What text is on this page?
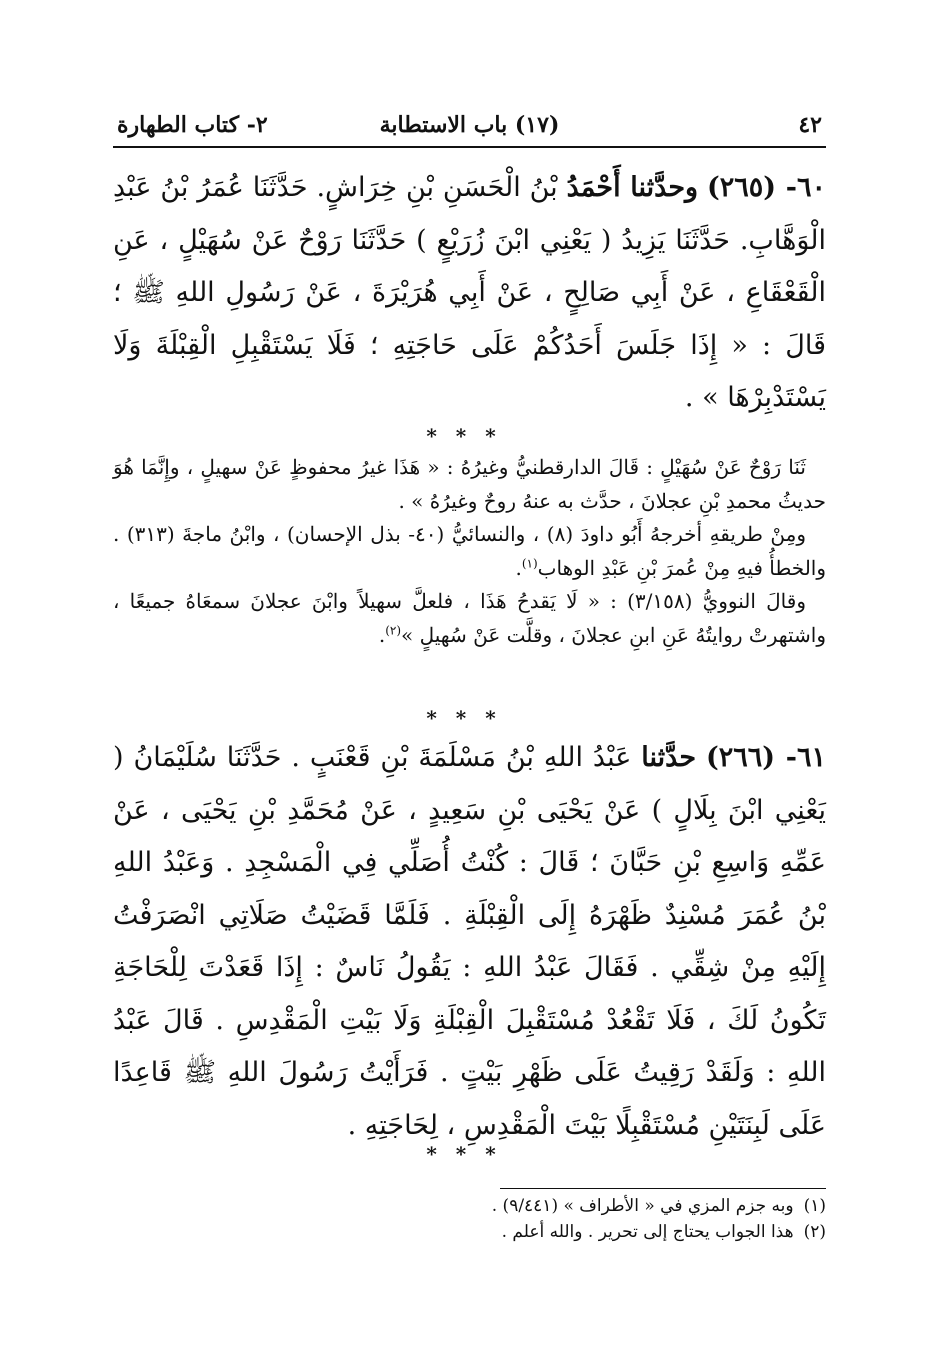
٤٢
(١٧) باب الاستطابة
٢- كتاب الطهارة
٦٠- (٢٦٥) وحدَّثنا أَحْمَدُ بْنُ الْحَسَنِ بْنِ خِرَاشٍ. حَدَّثَنَا عُمَرُ بْنُ عَبْدِ الْوَهَّابِ. حَدَّثَنَا يَزِيدُ ( يَعْنِي ابْنَ زُرَيْعٍ ) حَدَّثَنَا رَوْحٌ عَنْ سُهَيْلٍ ، عَنِ الْقَعْقَاعِ ، عَنْ أَبِي صَالِحٍ ، عَنْ أَبِي هُرَيْرَةَ ، عَنْ رَسُولِ اللهِ ﷺ ؛ قَالَ : « إِذَا جَلَسَ أَحَدُكُمْ عَلَى حَاجَتِهِ ؛ فَلَا يَسْتَقْبِلِ الْقِبْلَةَ وَلَا يَسْتَدْبِرْهَا » .
* * *

ثَنَا رَوْحٌ عَنْ سُهَيْلٍ : قَالَ الدارقطنيُّ وغيرُهُ : « هَذَا غيرُ محفوظٍ عَنْ سهيلٍ ، وإِنَّمَا هُوَ حديثُ محمدِ بْنِ عجلانَ ، حدَّث به عنهُ روحٌ وغيرُهُ » .

ومِنْ طريقهِ أخرجهُ أَبُو داودَ (٨) ، والنسائيُّ (٤٠- بذل الإحسان) ، وابْنُ ماجةَ (٣١٣) . والخطأُ فيهِ مِنْ عُمرَ بْنِ عَبْدِ الوهاب$^{(١)}$.

وقالَ النوويُّ (٣/١٥٨) : « لَا يَقدحُ هَذَا ، فلعلَّ سهيلاً وابْنَ عجلانَ سمعَاهُ جميعًا ، واشتهرتْ روايتُهُ عَنِ ابنِ عجلانَ ، وقلَّت عَنْ سُهيلٍ »$^{(٢)}$.

* * *
٦١- (٢٦٦) حدَّثنا عَبْدُ اللهِ بْنُ مَسْلَمَةَ بْنِ قَعْنَبٍ . حَدَّثَنَا سُلَيْمَانُ ( يَعْنِي ابْنَ بِلَالٍ ) عَنْ يَحْيَى بْنِ سَعِيدٍ ، عَنْ مُحَمَّدِ بْنِ يَحْيَى ، عَنْ عَمِّهِ وَاسِعِ بْنِ حَبَّانَ ؛ قَالَ : كُنْتُ أُصَلِّي فِي الْمَسْجِدِ . وَعَبْدُ اللهِ بْنُ عُمَرَ مُسْنِدٌ ظَهْرَهُ إِلَى الْقِبْلَةِ . فَلَمَّا قَضَيْتُ صَلَاتِي انْصَرَفْتُ إِلَيْهِ مِنْ شِقِّي . فَقَالَ عَبْدُ اللهِ : يَقُولُ نَاسٌ : إِذَا قَعَدْتَ لِلْحَاجَةِ تَكُونُ لَكَ ، فَلَا تَقْعُدْ مُسْتَقْبِلَ الْقِبْلَةِ وَلَا بَيْتِ الْمَقْدِسِ . قَالَ عَبْدُ اللهِ : وَلَقَدْ رَقِيتُ عَلَى ظَهْرِ بَيْتٍ . فَرَأَيْتُ رَسُولَ اللهِ ﷺ قَاعِدًا عَلَى لَبِنَتَيْنِ مُسْتَقْبِلًا بَيْتَ الْمَقْدِسِ ، لِحَاجَتِهِ .
* * *
(١)وبه جزم المزي في « الأطراف » (٩/٤٤١) .
(٢)هذا الجواب يحتاج إلى تحرير . والله أعلم .
